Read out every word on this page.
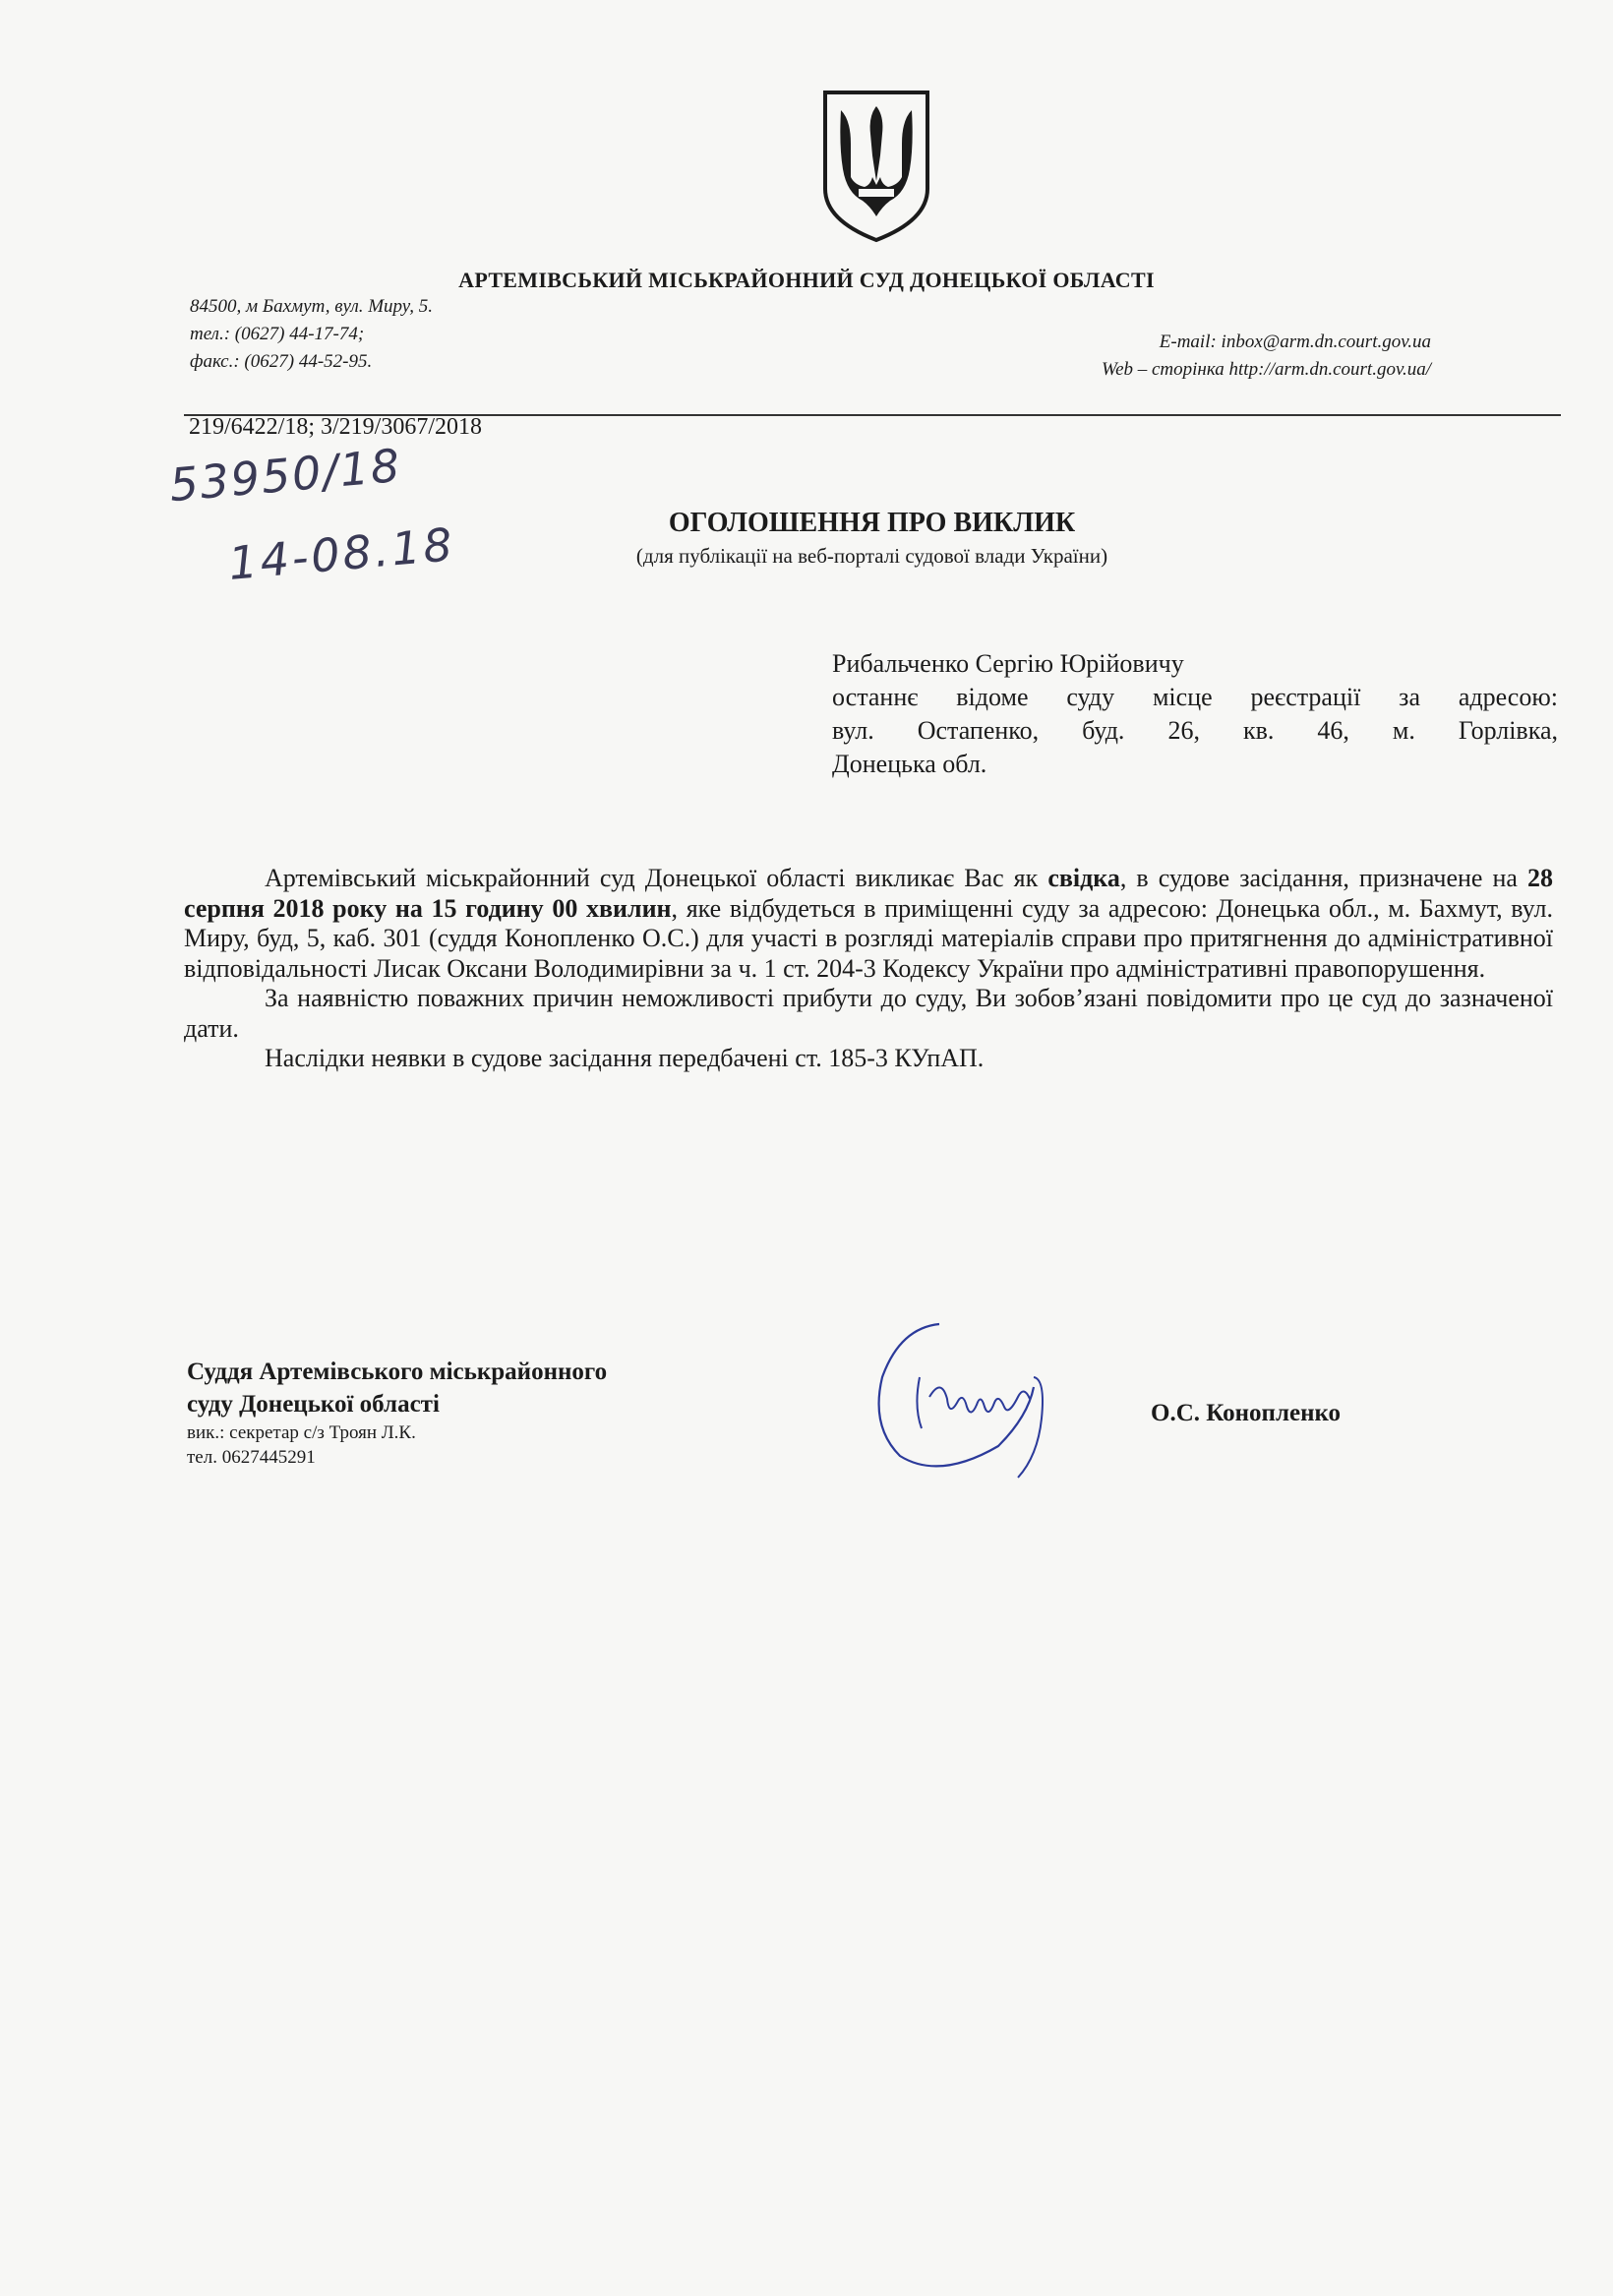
АРТЕМІВСЬКИЙ МІСЬКРАЙОННИЙ СУД ДОНЕЦЬКОЇ ОБЛАСТІ
84500, м Бахмут, вул. Миру, 5.
тел.: (0627) 44-17-74;
факс.: (0627) 44-52-95.
E-mail: inbox@arm.dn.court.gov.ua
Web – сторінка http://arm.dn.court.gov.ua/
219/6422/18; 3/219/3067/2018
53950/18
14-08.18	ОГОЛОШЕННЯ ПРО ВИКЛИК
(для публікації на веб-порталі судової влади України)
Рибальченко Сергію Юрійовичу
останнє відоме суду місце реєстрації за адресою:
вул. Остапенко, буд. 26, кв. 46, м. Горлівка,
Донецька обл.

Артемівський міськрайонний суд Донецької області викликає Вас як свідка, в судове засідання, призначене на 28 серпня 2018 року на 15 годину 00 хвилин, яке відбудеться в приміщенні суду за адресою: Донецька обл., м. Бахмут, вул. Миру, буд, 5, каб. 301 (суддя Конопленко О.С.) для участі в розгляді матеріалів справи про притягнення до адміністративної відповідальності Лисак Оксани Володимирівни за ч. 1 ст. 204-3 Кодексу України про адміністративні правопорушення.

За наявністю поважних причин неможливості прибути до суду, Ви зобов’язані повідомити про це суд до зазначеної дати.

Наслідки неявки в судове засідання передбачені ст. 185-3 КУпАП.

Суддя Артемівського міськрайонного
суду Донецької області
вик.: секретар с/з Троян Л.К.
тел. 0627445291
О.С. Конопленко
